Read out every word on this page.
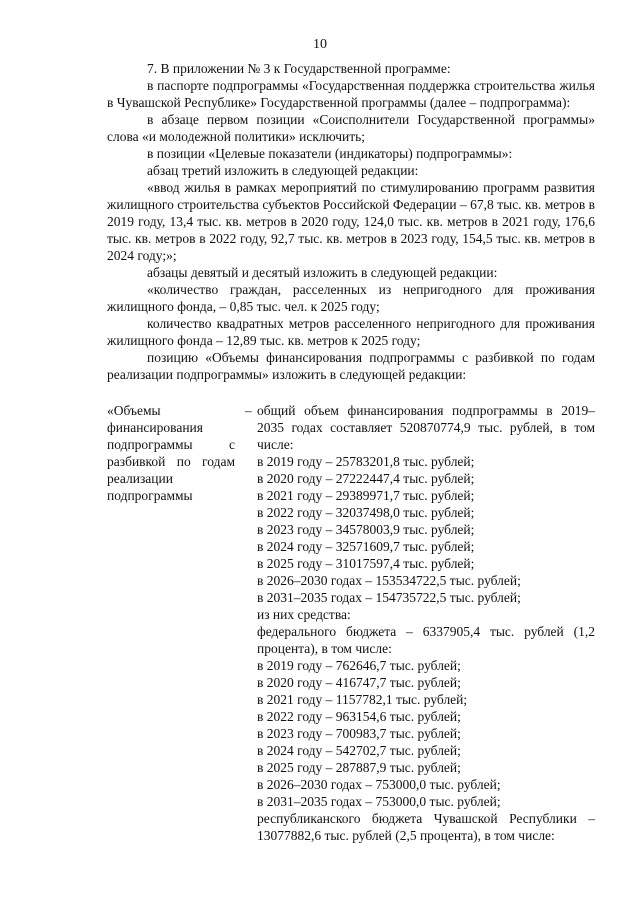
10

7. В приложении № 3 к Государственной программе:

в паспорте подпрограммы «Государственная поддержка строительства жилья в Чувашской Республике» Государственной программы (далее – подпрограмма):

в абзаце первом позиции «Соисполнители Государственной программы» слова «и молодежной политики» исключить;

в позиции «Целевые показатели (индикаторы) подпрограммы»:

абзац третий изложить в следующей редакции:

«ввод жилья в рамках мероприятий по стимулированию программ развития жилищного строительства субъектов Российской Федерации – 67,8 тыс. кв. метров в 2019 году, 13,4 тыс. кв. метров в 2020 году, 124,0 тыс. кв. метров в 2021 году, 176,6 тыс. кв. метров в 2022 году, 92,7 тыс. кв. метров в 2023 году, 154,5 тыс. кв. метров в 2024 году;»;

абзацы девятый и десятый изложить в следующей редакции:

«количество граждан, расселенных из непригодного для проживания жилищного фонда, – 0,85 тыс. чел. к 2025 году;

количество квадратных метров расселенного непригодного для проживания жилищного фонда – 12,89 тыс. кв. метров к 2025 году;

позицию «Объемы финансирования подпрограммы с разбивкой по годам реализации подпрограммы» изложить в следующей редакции:

«Объемы финансирования подпрограммы с разбивкой по годам реализации подпрограммы
– общий объем финансирования подпрограммы в 2019–2035 годах составляет 520870774,9 тыс. рублей, в том числе:

в 2019 году – 25783201,8 тыс. рублей;

в 2020 году – 27222447,4 тыс. рублей;

в 2021 году – 29389971,7 тыс. рублей;

в 2022 году – 32037498,0 тыс. рублей;

в 2023 году – 34578003,9 тыс. рублей;

в 2024 году – 32571609,7 тыс. рублей;

в 2025 году – 31017597,4 тыс. рублей;

в 2026–2030 годах – 153534722,5 тыс. рублей;

в 2031–2035 годах – 154735722,5 тыс. рублей;

из них средства:

федерального бюджета – 6337905,4 тыс. рублей (1,2 процента), в том числе:

в 2019 году – 762646,7 тыс. рублей;

в 2020 году – 416747,7 тыс. рублей;

в 2021 году – 1157782,1 тыс. рублей;

в 2022 году – 963154,6 тыс. рублей;

в 2023 году – 700983,7 тыс. рублей;

в 2024 году – 542702,7 тыс. рублей;

в 2025 году – 287887,9 тыс. рублей;

в 2026–2030 годах – 753000,0 тыс. рублей;

в 2031–2035 годах – 753000,0 тыс. рублей;

республиканского бюджета Чувашской Республики – 13077882,6 тыс. рублей (2,5 процента), в том числе:
